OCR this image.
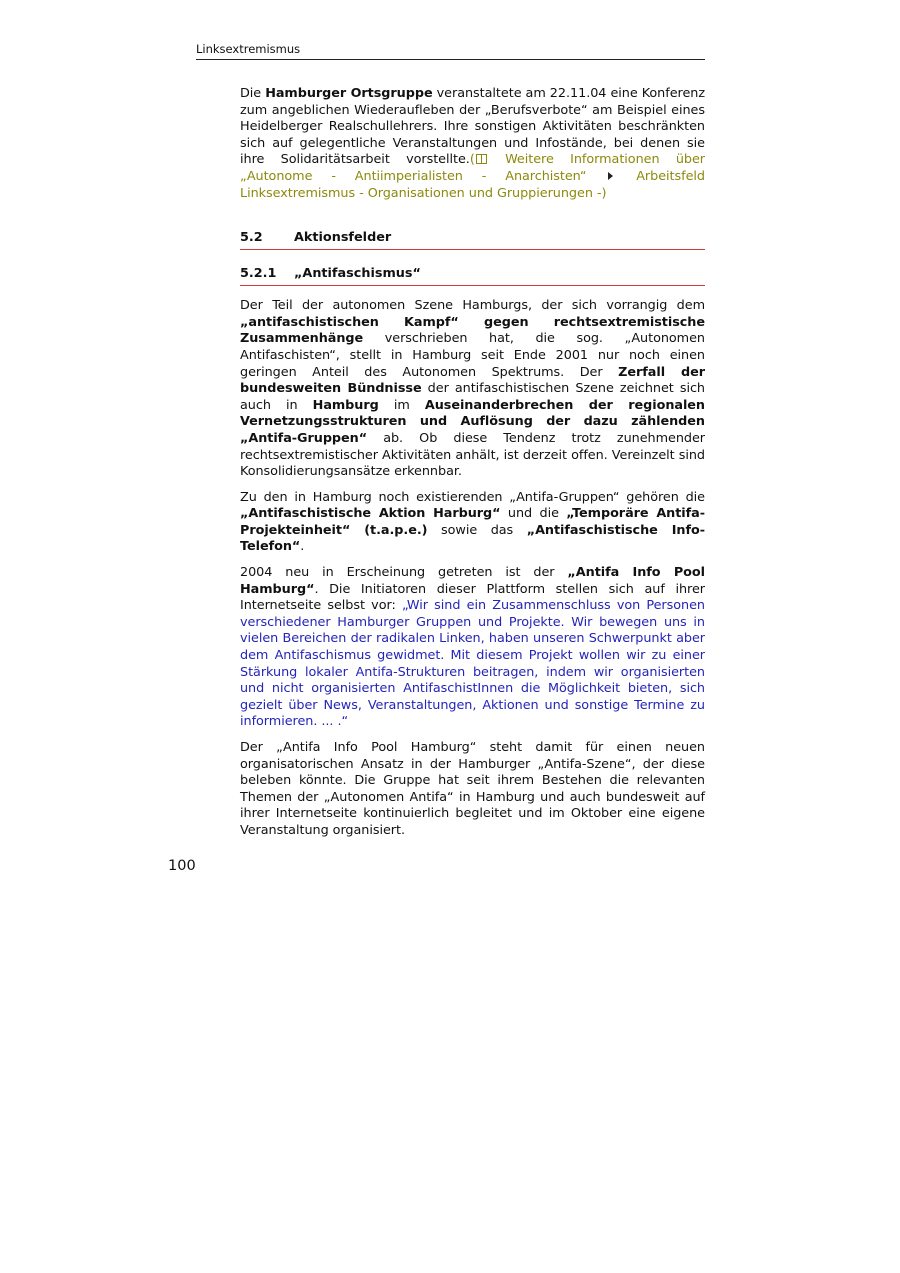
Linksextremismus

Die Hamburger Ortsgruppe veranstaltete am 22.11.04 eine Konferenz zum angeblichen Wiederaufleben der „Berufsverbote“ am Beispiel eines Heidelberger Realschullehrers. Ihre sonstigen Aktivitäten beschränkten sich auf gelegentliche Veranstaltungen und Infostände, bei denen sie ihre Solidaritätsarbeit vorstellte.( Weitere Informationen über „Autonome - Antiimperialisten - Anarchisten“  Arbeitsfeld Linksextremismus - Organisationen und Gruppierungen -)

5.2	Aktionsfelder
5.2.1	„Antifaschismus“

Der Teil der autonomen Szene Hamburgs, der sich vorrangig dem „antifaschistischen Kampf“ gegen rechtsextremistische Zusammenhänge verschrieben hat, die sog. „Autonomen Antifaschisten“, stellt in Hamburg seit Ende 2001 nur noch einen geringen Anteil des Autonomen Spektrums. Der Zerfall der bundesweiten Bündnisse der antifaschistischen Szene zeichnet sich auch in Hamburg im Auseinanderbrechen der regionalen Vernetzungsstrukturen und Auflösung der dazu zählenden „Antifa-Gruppen“ ab. Ob diese Tendenz trotz zunehmender rechtsextremistischer Aktivitäten anhält, ist derzeit offen. Vereinzelt sind Konsolidierungsansätze erkennbar.

Zu den in Hamburg noch existierenden „Antifa-Gruppen“ gehören die „Antifaschistische Aktion Harburg“ und die „Temporäre Antifa-Projekteinheit“ (t.a.p.e.) sowie das „Antifaschistische Info-Telefon“.

2004 neu in Erscheinung getreten ist der „Antifa Info Pool Hamburg“. Die Initiatoren dieser Plattform stellen sich auf ihrer Internetseite selbst vor: „Wir sind ein Zusammenschluss von Personen verschiedener Hamburger Gruppen und Projekte. Wir bewegen uns in vielen Bereichen der radikalen Linken, haben unseren Schwerpunkt aber dem Antifaschismus gewidmet. Mit diesem Projekt wollen wir zu einer Stärkung lokaler Antifa-Strukturen beitragen, indem wir organisierten und nicht organisierten AntifaschistInnen die Möglichkeit bieten, sich gezielt über News, Veranstaltungen, Aktionen und sonstige Termine zu informieren. ... .“

Der „Antifa Info Pool Hamburg“ steht damit für einen neuen organisatorischen Ansatz in der Hamburger „Antifa-Szene“, der diese beleben könnte. Die Gruppe hat seit ihrem Bestehen die relevanten Themen der „Autonomen Antifa“ in Hamburg und auch bundesweit auf ihrer Internetseite kontinuierlich begleitet und im Oktober eine eigene Veranstaltung organisiert.

100
